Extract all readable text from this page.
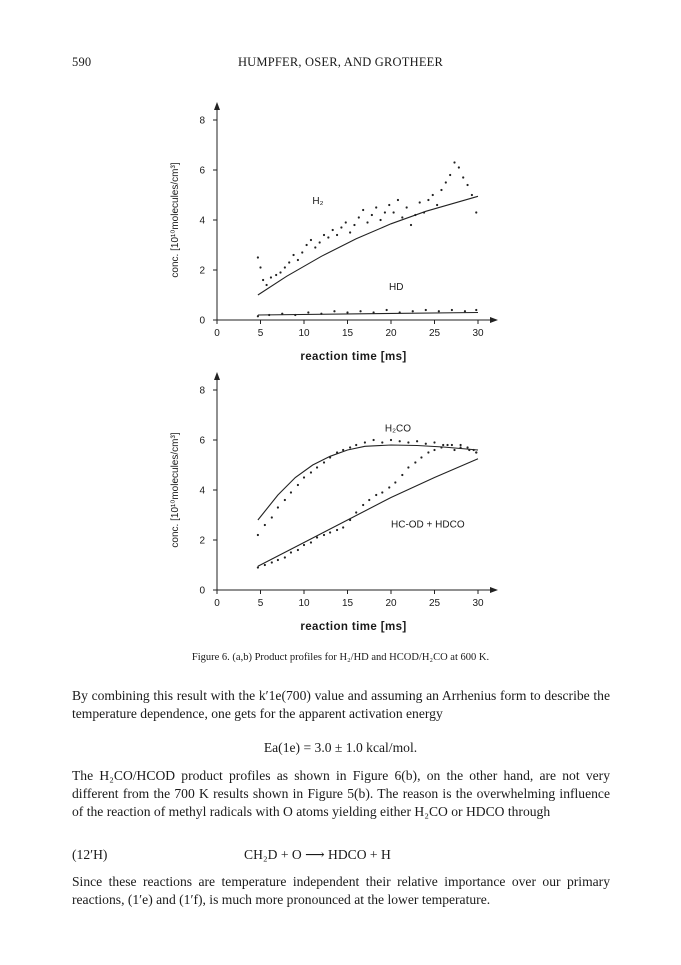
590	HUMPFER, OSER, AND GROTHEER
0	5	10	15	20	25	30
0
2
4
6
8
reaction time [ms]
conc. [10¹⁰molecules/cm³]	H₂
HD
0	5	10	15	20	25	30
0
2
4
6
8
reaction time [ms]
conc. [10¹⁰molecules/cm³]
H₂CO
HC-OD + HDCO
Figure 6. (a,b) Product profiles for H₂/HD and HCOD/H₂CO at 600 K.

By combining this result with the k′1e(700) value and assuming an Arrhenius form to describe the temperature dependence, one gets for the apparent activation energy

Ea(1e) = 3.0 ± 1.0 kcal/mol.

The H₂CO/HCOD product profiles as shown in Figure 6(b), on the other hand, are not very different from the 700 K results shown in Figure 5(b). The reason is the overwhelming influence of the reaction of methyl radicals with O atoms yielding either H₂CO or HDCO through

(12′H)	CH₂D + O ⟶ HDCO + H

Since these reactions are temperature independent their relative importance over our primary reactions, (1′e) and (1′f), is much more pronounced at the lower temperature.
